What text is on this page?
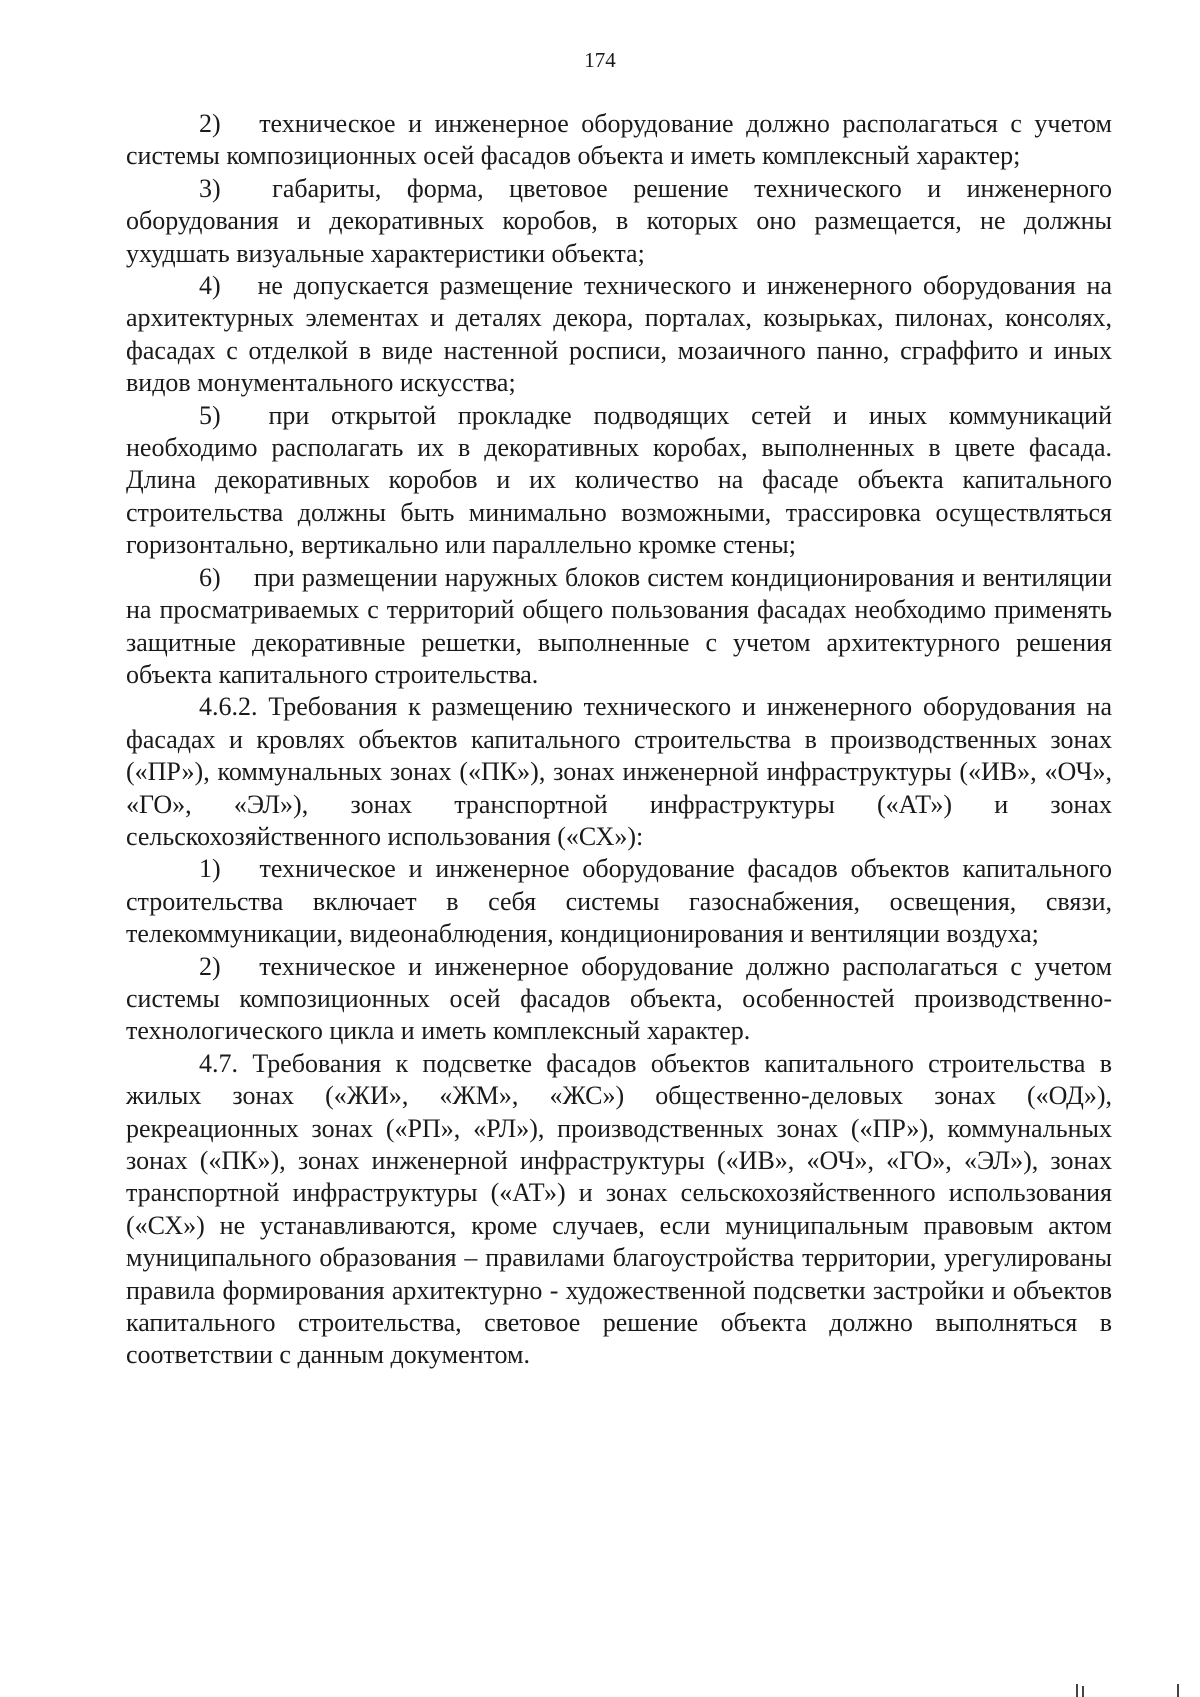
174

2)  техническое и инженерное оборудование должно располагаться с учетом системы композиционных осей фасадов объекта и иметь комплексный характер;

3)  габариты, форма, цветовое решение технического и инженерного оборудования и декоративных коробов, в которых оно размещается, не должны ухудшать визуальные характеристики объекта;

4)  не допускается размещение технического и инженерного оборудования на архитектурных элементах и деталях декора, порталах, козырьках, пилонах, консолях, фасадах с отделкой в виде настенной росписи, мозаичного панно, сграффито и иных видов монументального искусства;

5)  при открытой прокладке подводящих сетей и иных коммуникаций необходимо располагать их в декоративных коробах, выполненных в цвете фасада. Длина декоративных коробов и их количество на фасаде объекта капитального строительства должны быть минимально возможными, трассировка осуществляться горизонтально, вертикально или параллельно кромке стены;

6)  при размещении наружных блоков систем кондиционирования и вентиляции на просматриваемых с территорий общего пользования фасадах необходимо применять защитные декоративные решетки, выполненные с учетом архитектурного решения объекта капитального строительства.

4.6.2. Требования к размещению технического и инженерного оборудования на фасадах и кровлях объектов капитального строительства в производственных зонах («ПР»), коммунальных зонах («ПК»), зонах инженерной инфраструктуры («ИВ», «ОЧ», «ГО», «ЭЛ»), зонах транспортной инфраструктуры («АТ») и зонах сельскохозяйственного использования («СХ»):

1)  техническое и инженерное оборудование фасадов объектов капитального строительства включает в себя системы газоснабжения, освещения, связи, телекоммуникации, видеонаблюдения, кондиционирования и вентиляции воздуха;

2)  техническое и инженерное оборудование должно располагаться с учетом системы композиционных осей фасадов объекта, особенностей производственно-технологического цикла и иметь комплексный характер.

4.7. Требования к подсветке фасадов объектов капитального строительства в жилых зонах («ЖИ», «ЖМ», «ЖС») общественно-деловых зонах («ОД»), рекреационных зонах («РП», «РЛ»), производственных зонах («ПР»), коммунальных зонах («ПК»), зонах инженерной инфраструктуры («ИВ», «ОЧ», «ГО», «ЭЛ»), зонах транспортной инфраструктуры («АТ») и зонах сельскохозяйственного использования («СХ») не устанавливаются, кроме случаев, если муниципальным правовым актом муниципального образования – правилами благоустройства территории, урегулированы правила формирования архитектурно - художественной подсветки застройки и объектов капитального строительства, световое решение объекта должно выполняться в соответствии с данным документом.
